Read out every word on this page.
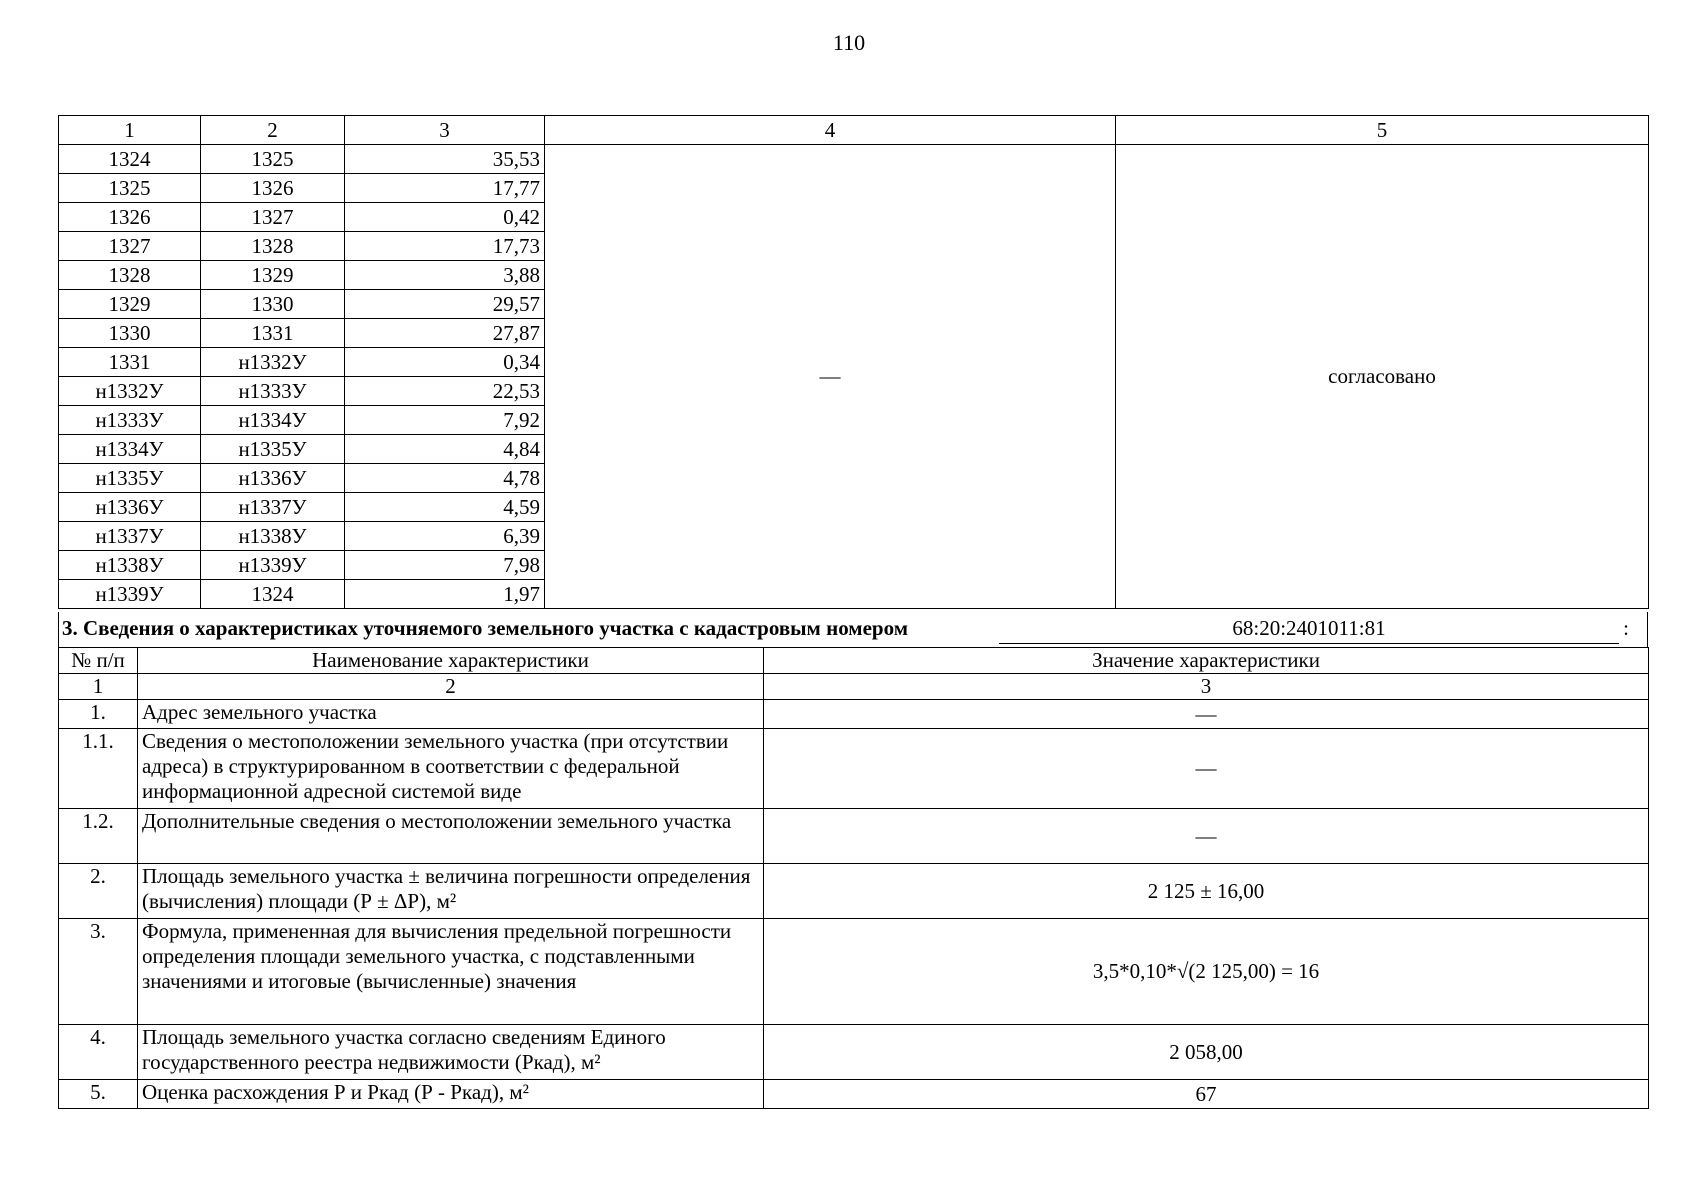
110
1	2	3	4	5
1324	1325	35,53	—	согласовано
1325	1326	17,77		
1326	1327	0,42		
1327	1328	17,73		
1328	1329	3,88		
1329	1330	29,57		
1330	1331	27,87		
1331	н1332У	0,34		
н1332У	н1333У	22,53		
н1333У	н1334У	7,92		
н1334У	н1335У	4,84		
н1335У	н1336У	4,78		
н1336У	н1337У	4,59		
н1337У	н1338У	6,39		
н1338У	н1339У	7,98		
н1339У	1324	1,97		
3. Сведения о характеристиках уточняемого земельного участка с кадастровым номером	68:20:2401011:81	:
№ п/п	Наименование характеристики	Значение характеристики
1	2	3
1.	Адрес земельного участка	—
1.1.	Сведения о местоположении земельного участка (при отсутствии адреса) в структурированном в соответствии с федеральной информационной адресной системой виде	—
1.2.	Дополнительные сведения о местоположении земельного участка	—
2.	Площадь земельного участка ± величина погрешности определения (вычисления) площади (Р ± ΔР), м²	2 125 ± 16,00
3.	Формула, примененная для вычисления предельной погрешности определения площади земельного участка, с подставленными значениями и итоговые (вычисленные) значения	3,5*0,10*√(2 125,00) = 16
4.	Площадь земельного участка согласно сведениям Единого государственного реестра недвижимости (Ркад), м²	2 058,00
5.	Оценка расхождения Р и Ркад (Р - Ркад), м²	67
